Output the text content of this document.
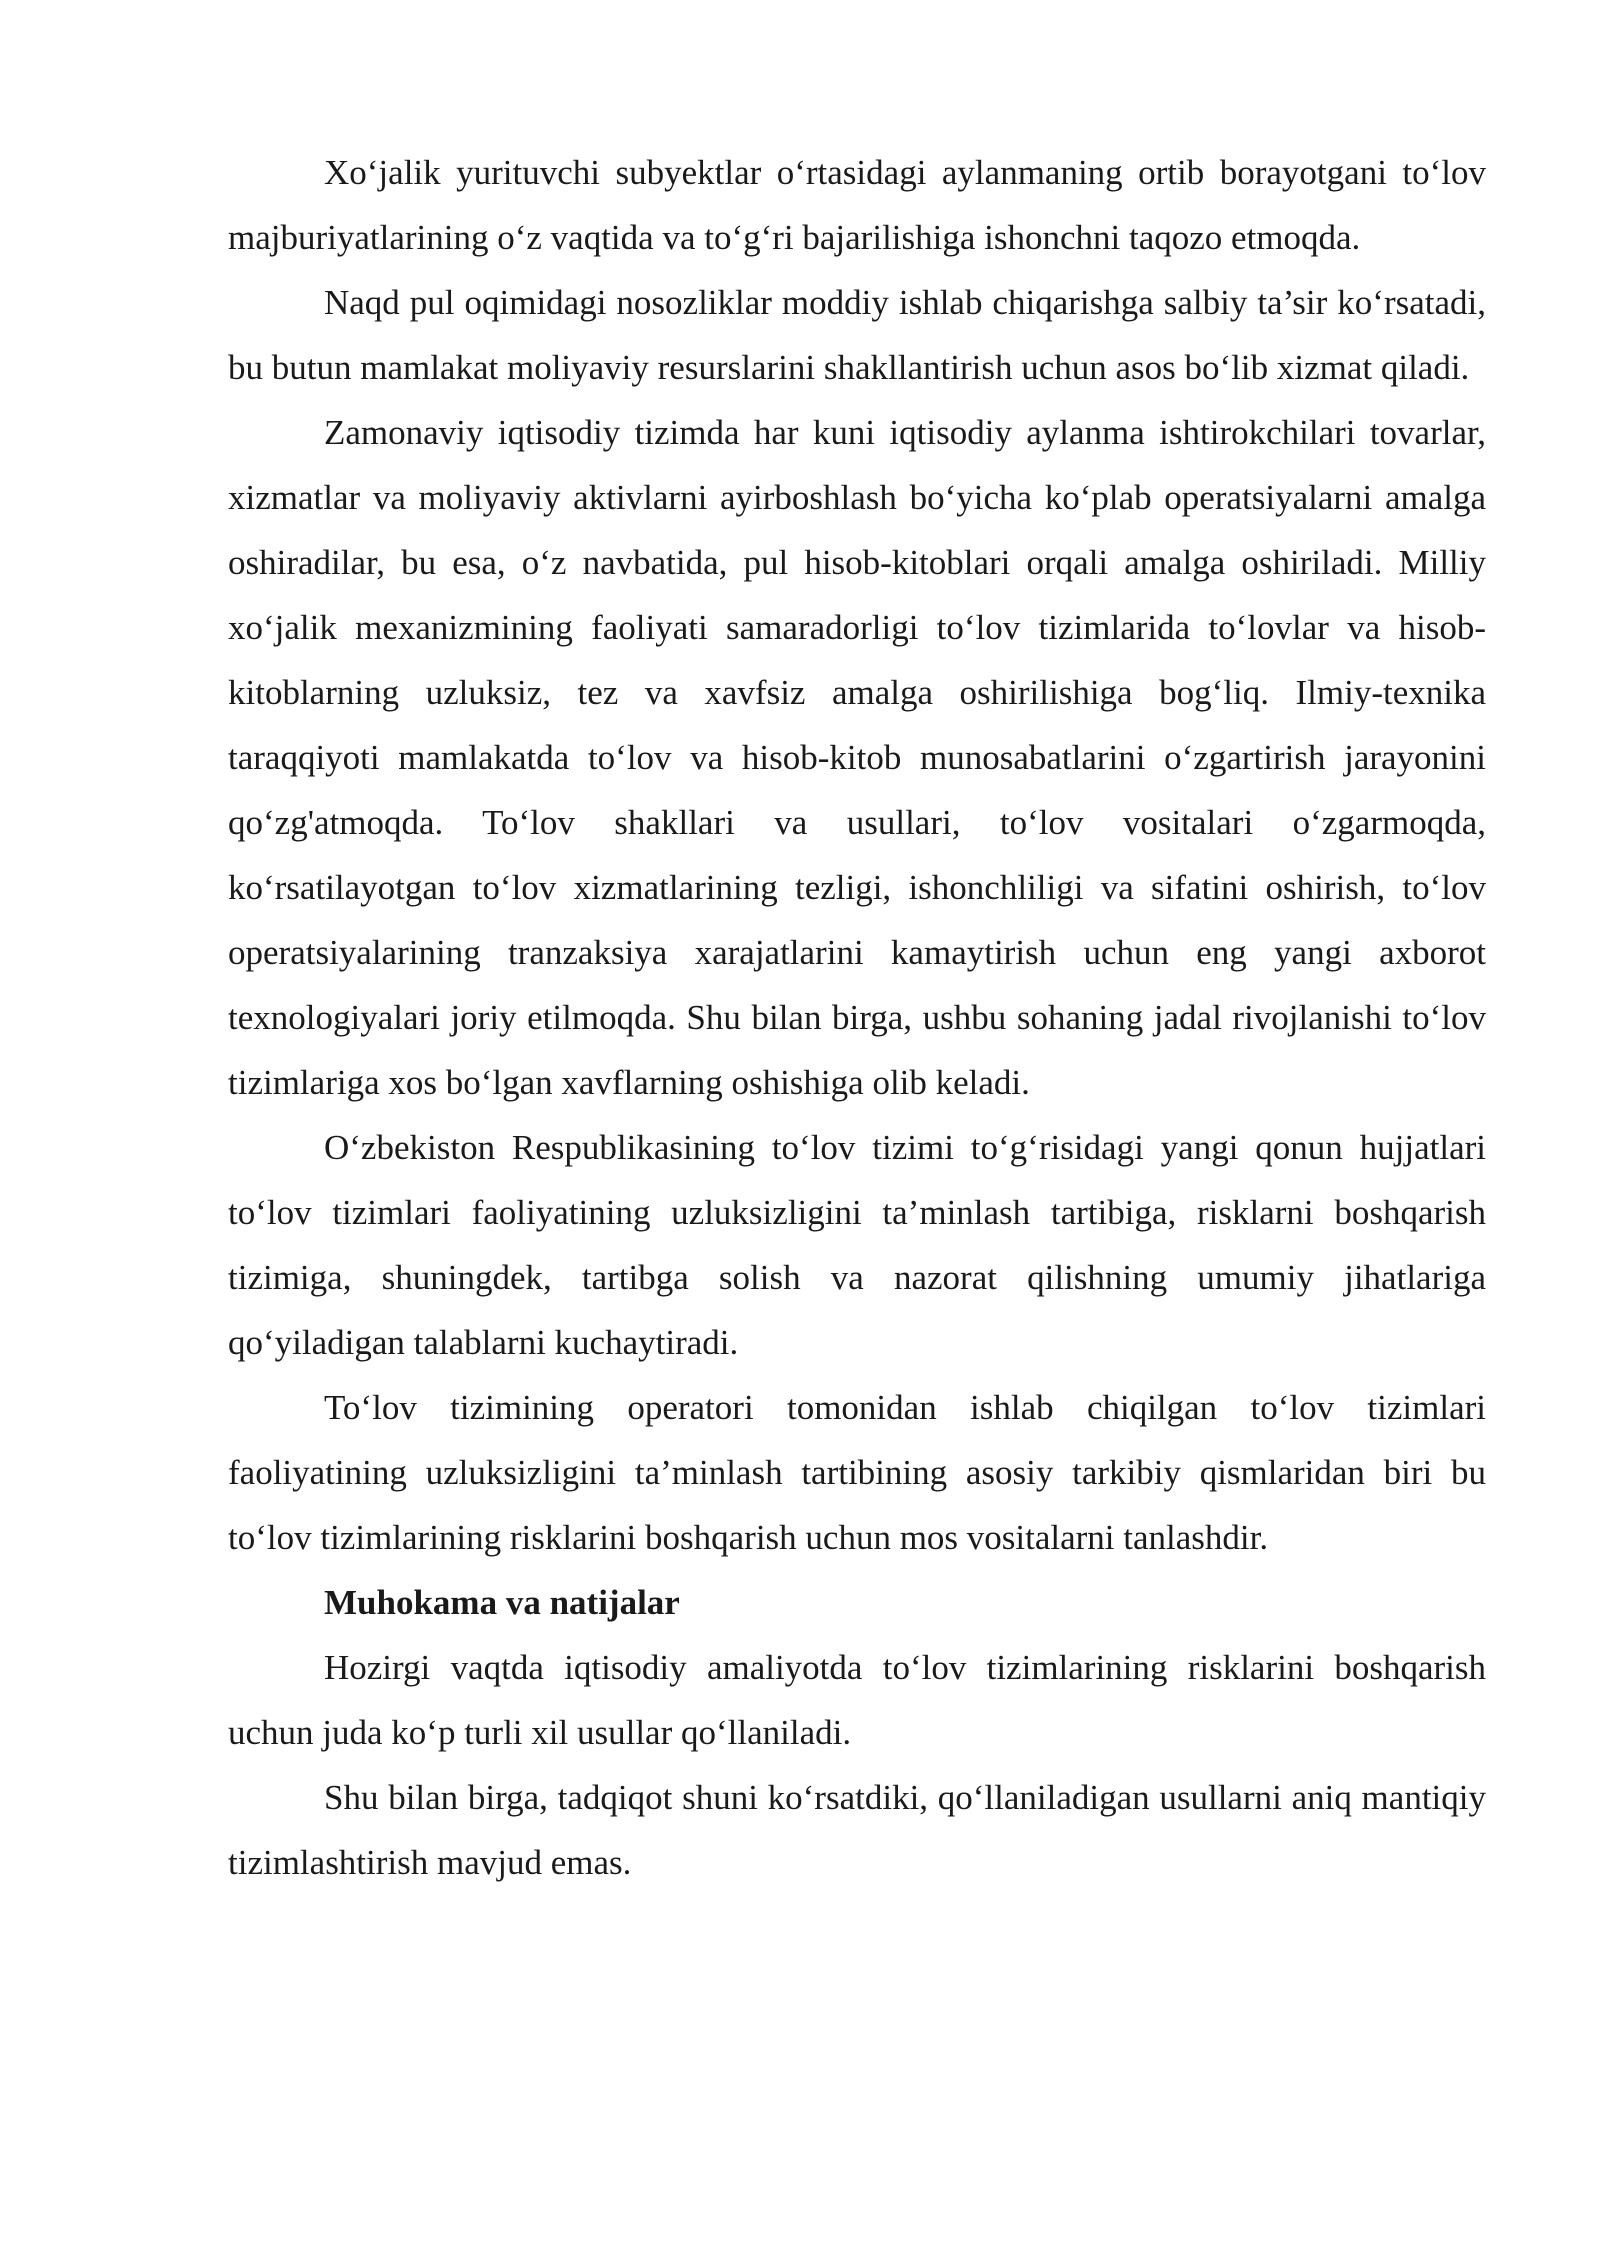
Xo‘jalik yurituvchi subyektlar o‘rtasidagi aylanmaning ortib borayotgani to‘lov majburiyatlarining o‘z vaqtida va to‘g‘ri bajarilishiga ishonchni taqozo etmoqda.

Naqd pul oqimidagi nosozliklar moddiy ishlab chiqarishga salbiy ta’sir ko‘rsatadi, bu butun mamlakat moliyaviy resurslarini shakllantirish uchun asos bo‘lib xizmat qiladi.

Zamonaviy iqtisodiy tizimda har kuni iqtisodiy aylanma ishtirokchilari tovarlar, xizmatlar va moliyaviy aktivlarni ayirboshlash bo‘yicha ko‘plab operatsiyalarni amalga oshiradilar, bu esa, o‘z navbatida, pul hisob-kitoblari orqali amalga oshiriladi. Milliy xo‘jalik mexanizmining faoliyati samaradorligi to‘lov tizimlarida to‘lovlar va hisob-kitoblarning uzluksiz, tez va xavfsiz amalga oshirilishiga bog‘liq. Ilmiy-texnika taraqqiyoti mamlakatda to‘lov va hisob-kitob munosabatlarini o‘zgartirish jarayonini qo‘zg'atmoqda. To‘lov shakllari va usullari, to‘lov vositalari o‘zgarmoqda, ko‘rsatilayotgan to‘lov xizmatlarining tezligi, ishonchliligi va sifatini oshirish, to‘lov operatsiyalarining tranzaksiya xarajatlarini kamaytirish uchun eng yangi axborot texnologiyalari joriy etilmoqda. Shu bilan birga, ushbu sohaning jadal rivojlanishi to‘lov tizimlariga xos bo‘lgan xavflarning oshishiga olib keladi.

O‘zbekiston Respublikasining to‘lov tizimi to‘g‘risidagi yangi qonun hujjatlari to‘lov tizimlari faoliyatining uzluksizligini ta’minlash tartibiga, risklarni boshqarish tizimiga, shuningdek, tartibga solish va nazorat qilishning umumiy jihatlariga qo‘yiladigan talablarni kuchaytiradi.

To‘lov tizimining operatori tomonidan ishlab chiqilgan to‘lov tizimlari faoliyatining uzluksizligini ta’minlash tartibining asosiy tarkibiy qismlaridan biri bu to‘lov tizimlarining risklarini boshqarish uchun mos vositalarni tanlashdir.

Muhokama va natijalar

Hozirgi vaqtda iqtisodiy amaliyotda to‘lov tizimlarining risklarini boshqarish uchun juda ko‘p turli xil usullar qo‘llaniladi.

Shu bilan birga, tadqiqot shuni ko‘rsatdiki, qo‘llaniladigan usullarni aniq mantiqiy tizimlashtirish mavjud emas.
